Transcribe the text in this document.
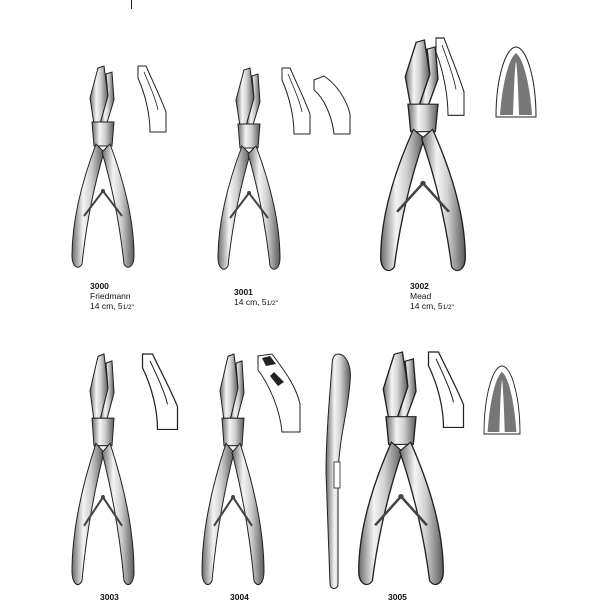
3000
Friedmann
14 cm, 51/2"
3001
14 cm, 51/2"
3002
Mead
14 cm, 51/2"
3003	3004	3005
